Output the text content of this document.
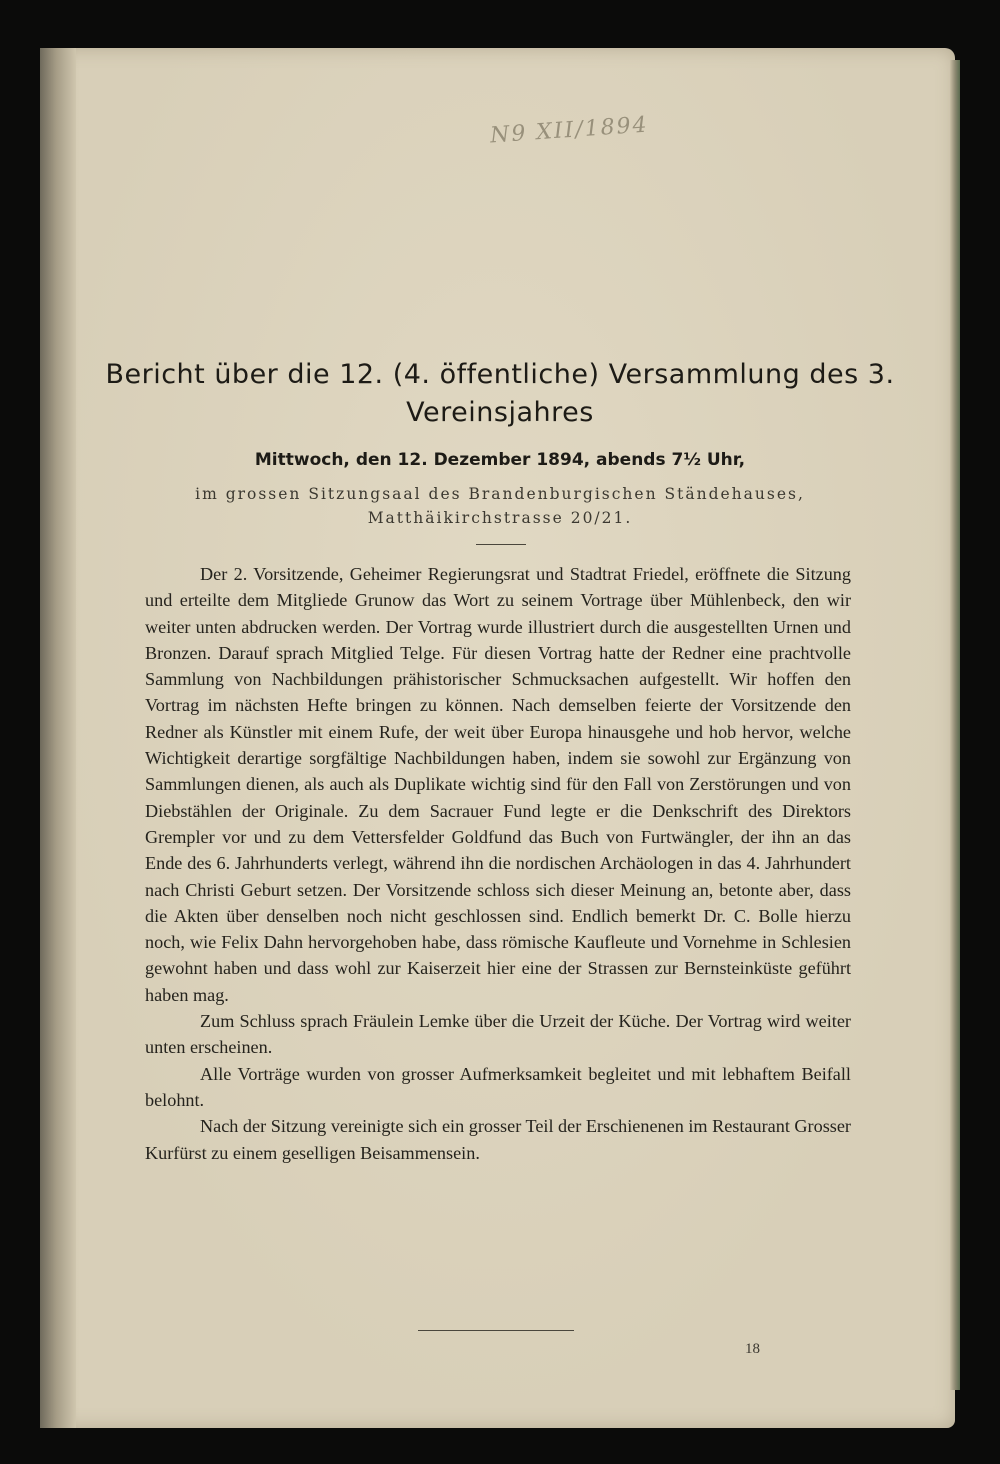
N9 XII/1894
Bericht über die 12. (4. öffentliche) Versammlung des 3. Vereinsjahres
Mittwoch, den 12. Dezember 1894, abends 7½ Uhr,
im grossen Sitzungsaal des Brandenburgischen Ständehauses, Matthäikirchstrasse 20/21.

Der 2. Vorsitzende, Geheimer Regierungsrat und Stadtrat Friedel, eröffnete die Sitzung und erteilte dem Mitgliede Grunow das Wort zu seinem Vortrage über Mühlenbeck, den wir weiter unten abdrucken werden. Der Vortrag wurde illustriert durch die ausgestellten Urnen und Bronzen. Darauf sprach Mitglied Telge. Für diesen Vortrag hatte der Redner eine prachtvolle Sammlung von Nachbildungen prähistorischer Schmucksachen aufgestellt. Wir hoffen den Vortrag im nächsten Hefte bringen zu können. Nach demselben feierte der Vorsitzende den Redner als Künstler mit einem Rufe, der weit über Europa hinausgehe und hob hervor, welche Wichtigkeit derartige sorgfältige Nachbildungen haben, indem sie sowohl zur Ergänzung von Sammlungen dienen, als auch als Duplikate wichtig sind für den Fall von Zerstörungen und von Diebstählen der Originale. Zu dem Sacrauer Fund legte er die Denkschrift des Direktors Grempler vor und zu dem Vettersfelder Goldfund das Buch von Furtwängler, der ihn an das Ende des 6. Jahrhunderts verlegt, während ihn die nordischen Archäologen in das 4. Jahrhundert nach Christi Geburt setzen. Der Vorsitzende schloss sich dieser Meinung an, betonte aber, dass die Akten über denselben noch nicht geschlossen sind. Endlich bemerkt Dr. C. Bolle hierzu noch, wie Felix Dahn hervorgehoben habe, dass römische Kaufleute und Vornehme in Schlesien gewohnt haben und dass wohl zur Kaiserzeit hier eine der Strassen zur Bernsteinküste geführt haben mag.

Zum Schluss sprach Fräulein Lemke über die Urzeit der Küche. Der Vortrag wird weiter unten erscheinen.

Alle Vorträge wurden von grosser Aufmerksamkeit begleitet und mit lebhaftem Beifall belohnt.

Nach der Sitzung vereinigte sich ein grosser Teil der Erschienenen im Restaurant Grosser Kurfürst zu einem geselligen Beisammensein.

18
